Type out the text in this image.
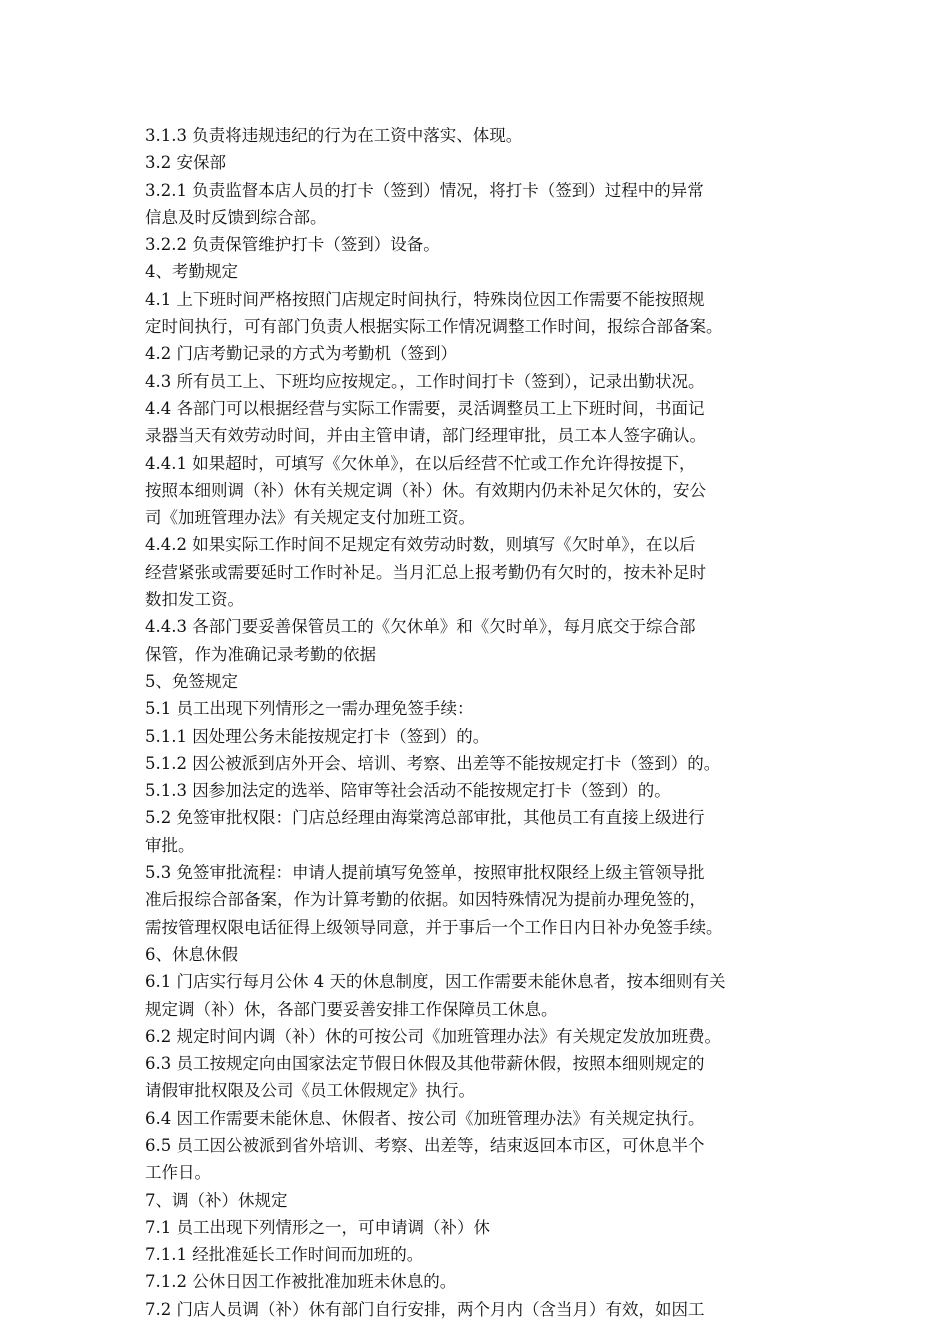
3.1.3 负责将违规违纪的行为在工资中落实、体现。
3.2 安保部
3.2.1 负责监督本店人员的打卡（签到）情况，将打卡（签到）过程中的异常
信息及时反馈到综合部。
3.2.2 负责保管维护打卡（签到）设备。
4、考勤规定
4.1 上下班时间严格按照门店规定时间执行，特殊岗位因工作需要不能按照规
定时间执行，可有部门负责人根据实际工作情况调整工作时间，报综合部备案。
4.2 门店考勤记录的方式为考勤机（签到）
4.3 所有员工上、下班均应按规定。，工作时间打卡（签到），记录出勤状况。
4.4 各部门可以根据经营与实际工作需要，灵活调整员工上下班时间，书面记
录器当天有效劳动时间，并由主管申请，部门经理审批，员工本人签字确认。
4.4.1 如果超时，可填写《欠休单》，在以后经营不忙或工作允许得按提下，
按照本细则调（补）休有关规定调（补）休。有效期内仍未补足欠休的，安公
司《加班管理办法》有关规定支付加班工资。
4.4.2 如果实际工作时间不足规定有效劳动时数，则填写《欠时单》，在以后
经营紧张或需要延时工作时补足。当月汇总上报考勤仍有欠时的，按未补足时
数扣发工资。
4.4.3 各部门要妥善保管员工的《欠休单》和《欠时单》，每月底交于综合部
保管，作为准确记录考勤的依据
5、免签规定
5.1 员工出现下列情形之一需办理免签手续：
5.1.1 因处理公务未能按规定打卡（签到）的。
5.1.2 因公被派到店外开会、培训、考察、出差等不能按规定打卡（签到）的。
5.1.3 因参加法定的选举、陪审等社会活动不能按规定打卡（签到）的。
5.2 免签审批权限：门店总经理由海棠湾总部审批，其他员工有直接上级进行
审批。
5.3 免签审批流程：申请人提前填写免签单，按照审批权限经上级主管领导批
准后报综合部备案，作为计算考勤的依据。如因特殊情况为提前办理免签的，
需按管理权限电话征得上级领导同意，并于事后一个工作日内日补办免签手续。
6、休息休假
6.1 门店实行每月公休 4 天的休息制度，因工作需要未能休息者，按本细则有关
规定调（补）休，各部门要妥善安排工作保障员工休息。
6.2 规定时间内调（补）休的可按公司《加班管理办法》有关规定发放加班费。
6.3 员工按规定向由国家法定节假日休假及其他带薪休假，按照本细则规定的
请假审批权限及公司《员工休假规定》执行。
6.4 因工作需要未能休息、休假者、按公司《加班管理办法》有关规定执行。
6.5 员工因公被派到省外培训、考察、出差等，结束返回本市区，可休息半个
工作日。
7、调（补）休规定
7.1 员工出现下列情形之一，可申请调（补）休
7.1.1 经批准延长工作时间而加班的。
7.1.2 公休日因工作被批准加班未休息的。
7.2 门店人员调（补）休有部门自行安排，两个月内（含当月）有效，如因工
